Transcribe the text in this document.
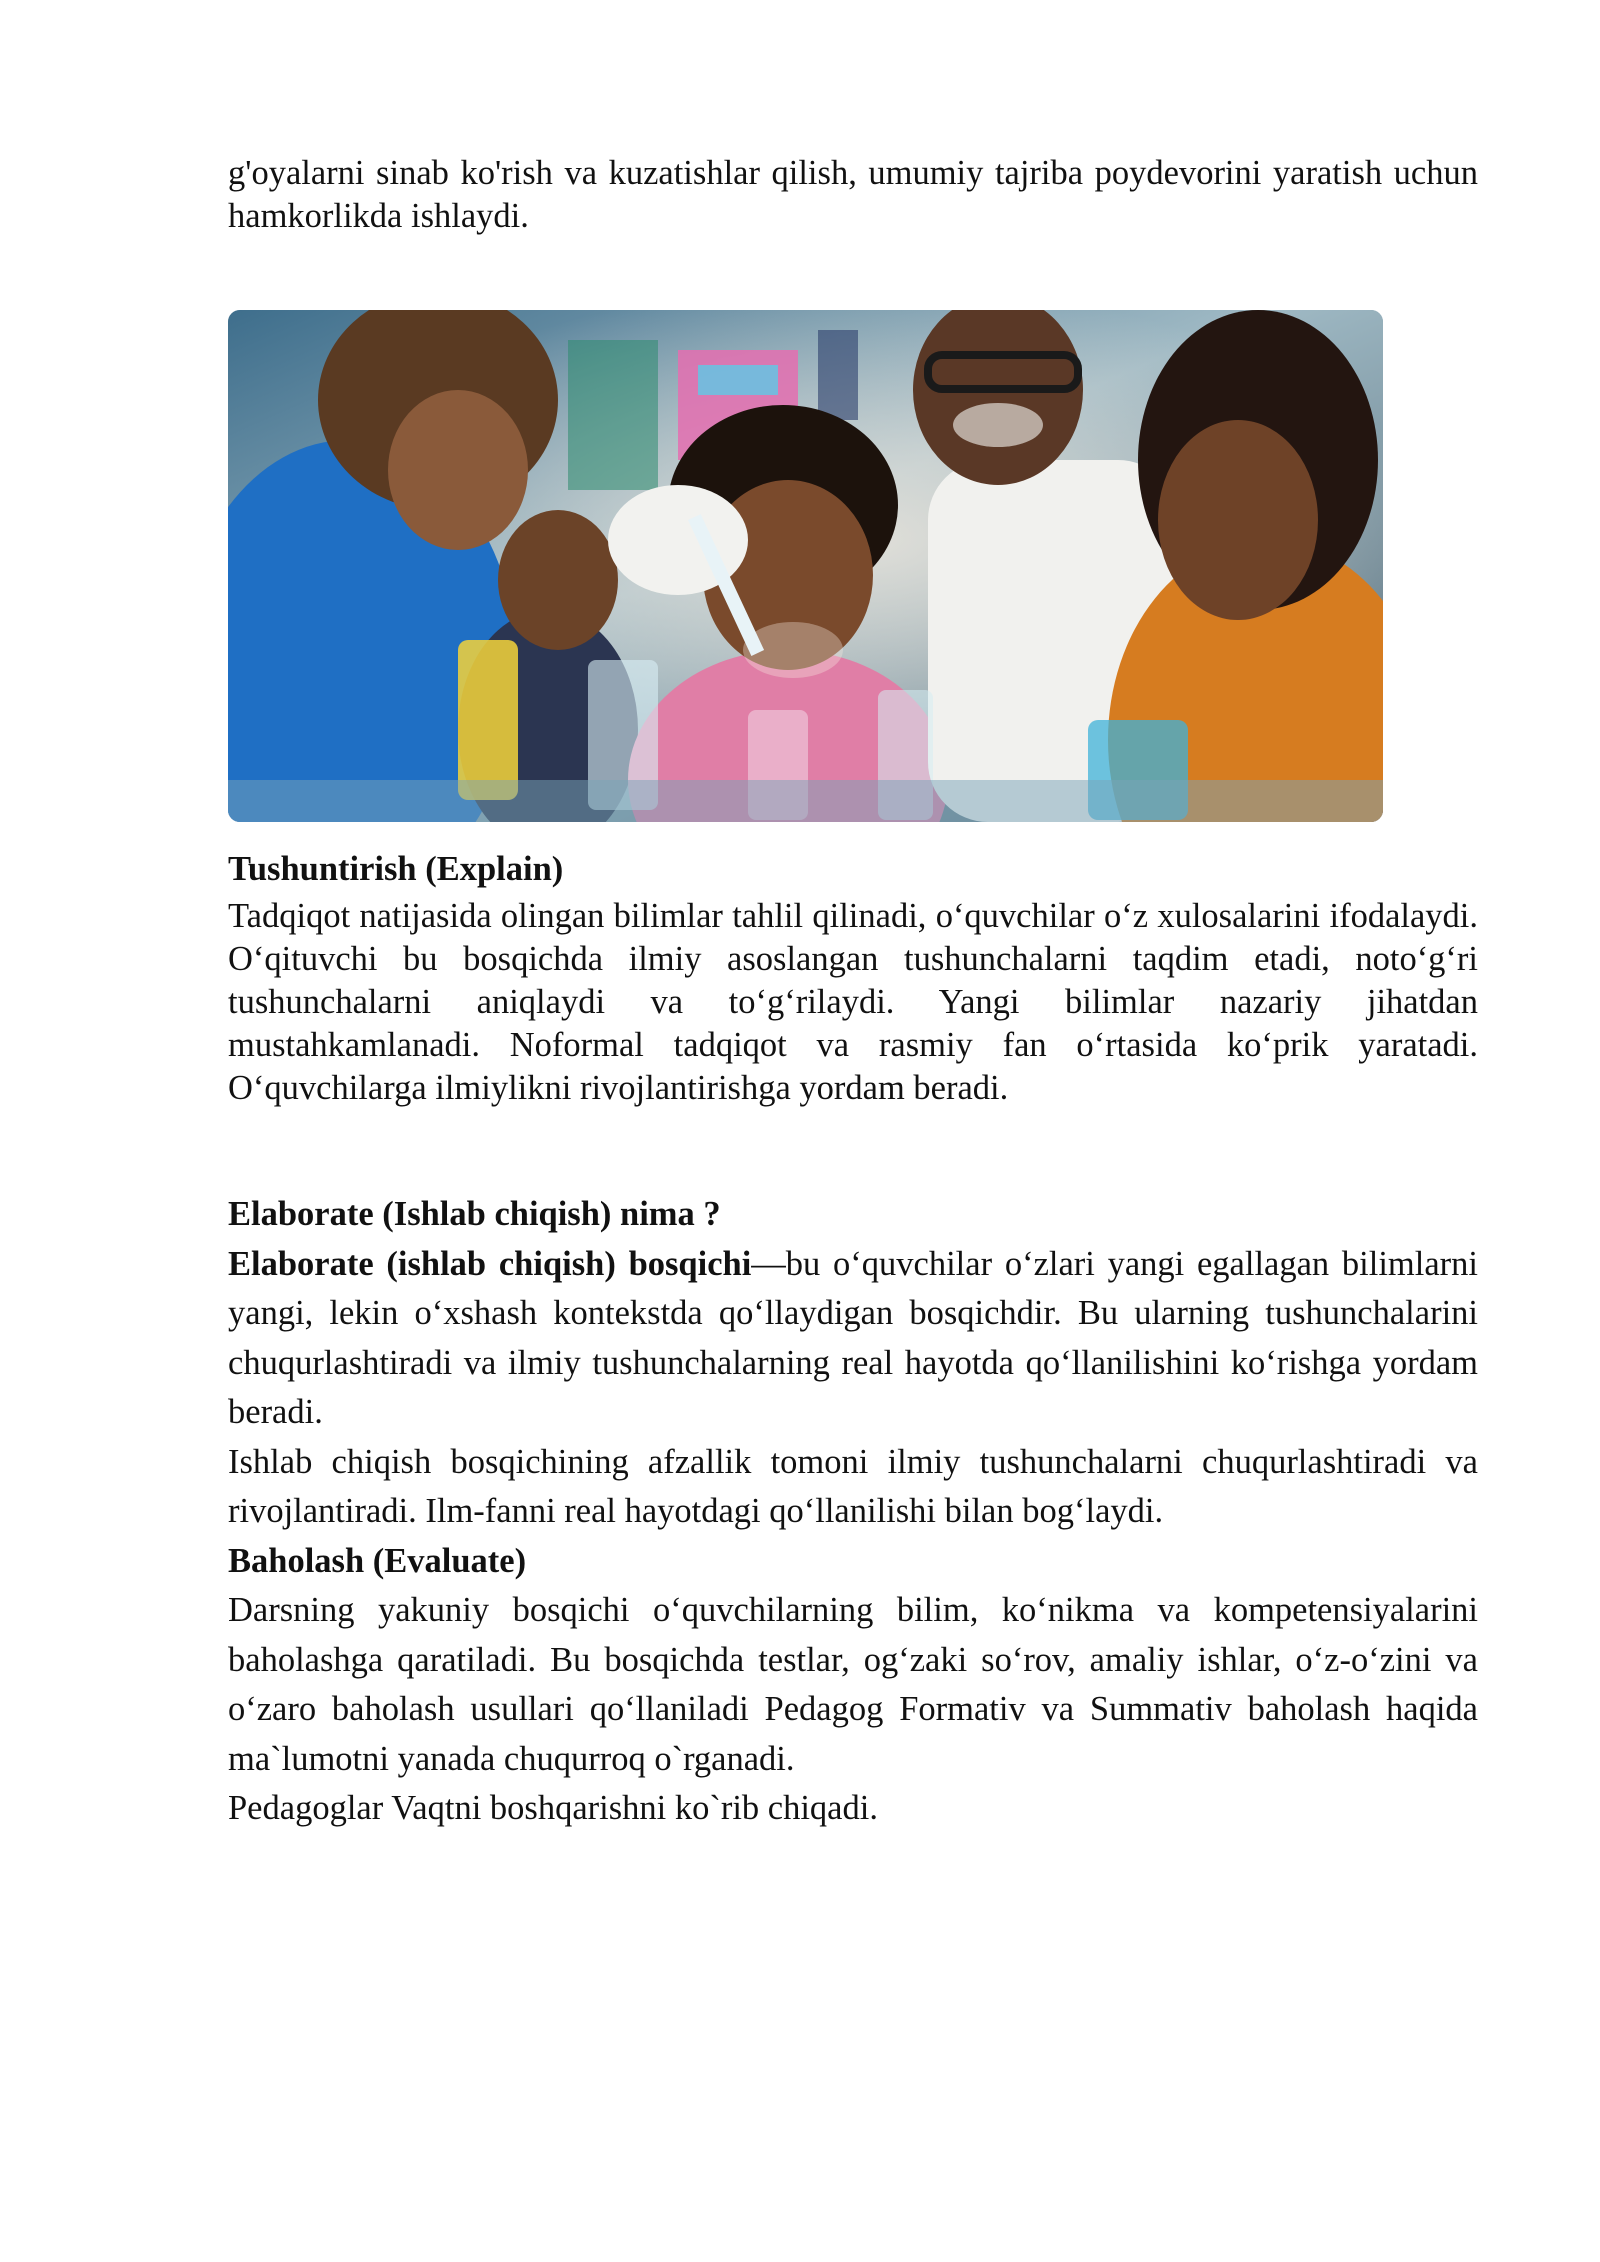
g'oyalarni sinab ko'rish va kuzatishlar qilish, umumiy tajriba poydevorini yaratish uchun hamkorlikda ishlaydi.

Tushuntirish (Explain)

Tadqiqot natijasida olingan bilimlar tahlil qilinadi, o‘quvchilar o‘z xulosalarini ifodalaydi. O‘qituvchi bu bosqichda ilmiy asoslangan tushunchalarni taqdim etadi, noto‘g‘ri tushunchalarni aniqlaydi va to‘g‘rilaydi. Yangi bilimlar nazariy jihatdan mustahkamlanadi. Noformal tadqiqot va rasmiy fan o‘rtasida ko‘prik yaratadi. O‘quvchilarga ilmiylikni rivojlantirishga yordam beradi.

Elaborate (Ishlab chiqish) nima ?

Elaborate (ishlab chiqish) bosqichi—bu o‘quvchilar o‘zlari yangi egallagan bilimlarni yangi, lekin o‘xshash kontekstda qo‘llaydigan bosqichdir. Bu ularning tushunchalarini chuqurlashtiradi va ilmiy tushunchalarning real hayotda qo‘llanilishini ko‘rishga yordam beradi.

Ishlab chiqish bosqichining afzallik tomoni ilmiy tushunchalarni chuqurlashtiradi va rivojlantiradi. Ilm-fanni real hayotdagi qo‘llanilishi bilan bog‘laydi.

Baholash (Evaluate)

Darsning yakuniy bosqichi o‘quvchilarning bilim, ko‘nikma va kompetensiyalarini baholashga qaratiladi. Bu bosqichda testlar, og‘zaki so‘rov, amaliy ishlar, o‘z-o‘zini va o‘zaro baholash usullari qo‘llaniladi Pedagog Formativ va Summativ baholash haqida ma`lumotni yanada chuqurroq o`rganadi.

Pedagoglar Vaqtni boshqarishni ko`rib chiqadi.
